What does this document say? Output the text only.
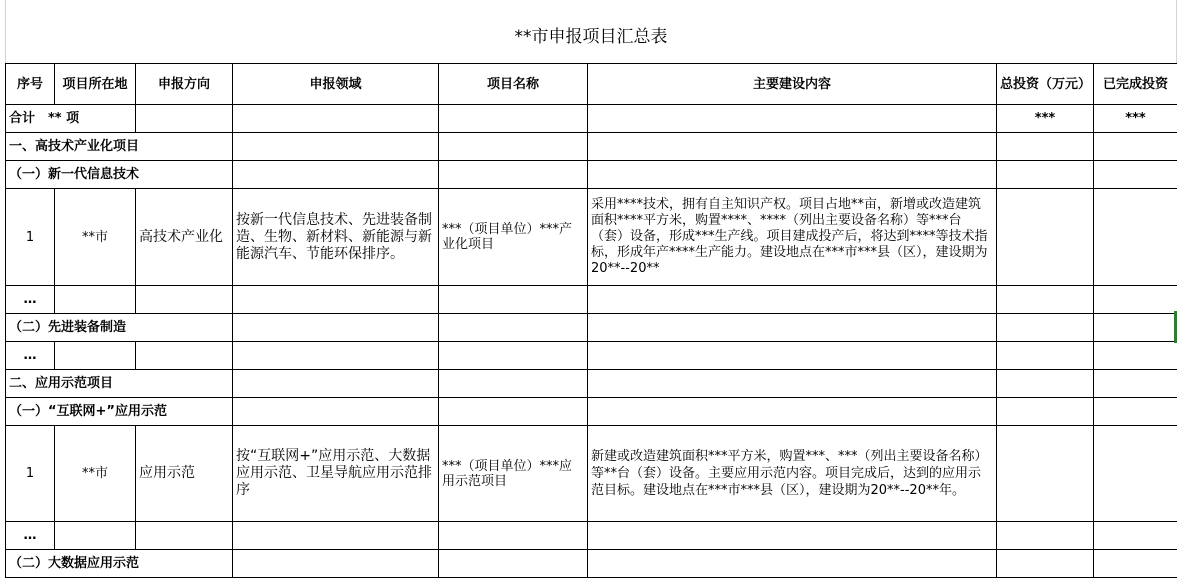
**市申报项目汇总表
序号	项目所在地	申报方向	申报领域	项目名称	主要建设内容	总投资（万元）	已完成投资
合计　** 项						***	***
一、高技术产业化项目							
（一）新一代信息技术							
1	**市	高技术产业化	按新一代信息技术、先进装备制造、生物、新材料、新能源与新能源汽车、节能环保排序。	***（项目单位）***产业化项目	采用****技术，拥有自主知识产权。项目占地**亩，新增或改造建筑面积****平方米，购置****、****（列出主要设备名称）等***台（套）设备，形成***生产线。项目建成投产后，将达到****等技术指标，形成年产****生产能力。建设地点在***市***县（区），建设期为20**--20**		
…							
（二）先进装备制造							
…							
二、应用示范项目							
（一）“互联网+”应用示范							
1	**市	应用示范	按“互联网+”应用示范、大数据应用示范、卫星导航应用示范排序	***（项目单位）***应用示范项目	新建或改造建筑面积***平方米，购置***、***（列出主要设备名称）等**台（套）设备。主要应用示范内容。项目完成后，达到的应用示范目标。建设地点在***市***县（区），建设期为20**--20**年。		
…							
（二）大数据应用示范							
